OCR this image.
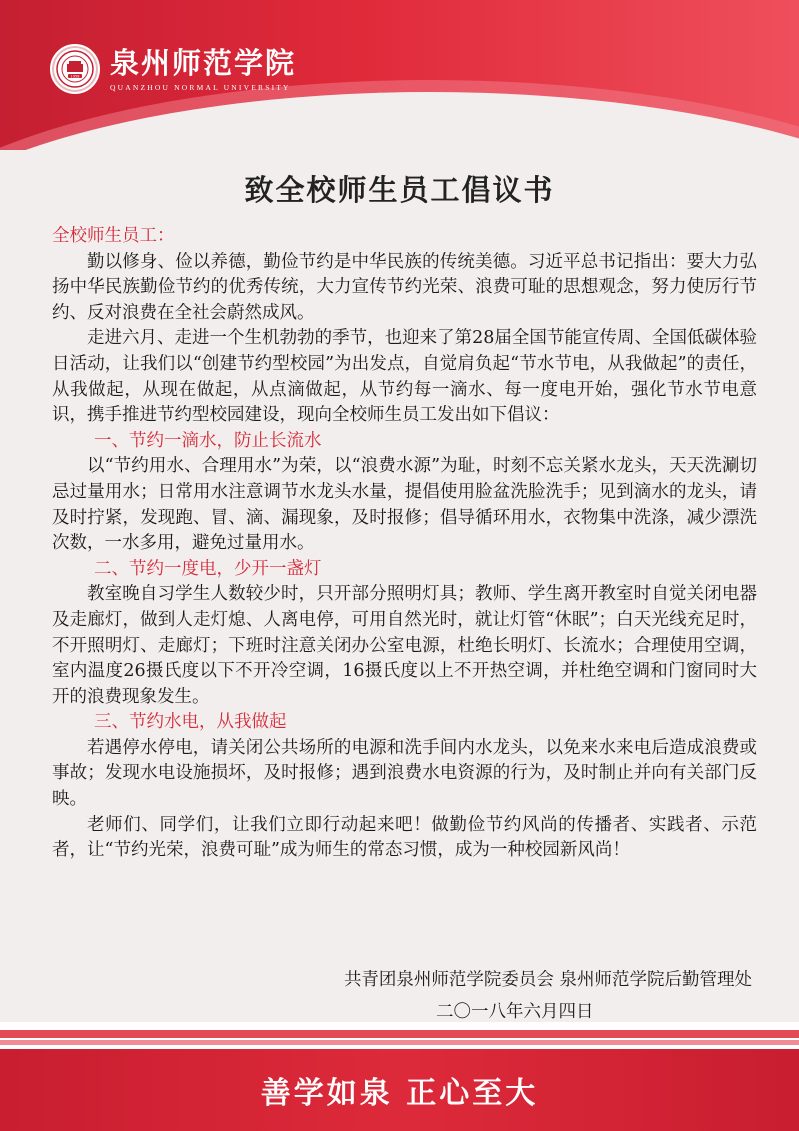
1958 泉州师范学院
QUANZHOU NORMAL UNIVERSITY
致全校师生员工倡议书

全校师生员工：

勤以修身、俭以养德，勤俭节约是中华民族的传统美德。习近平总书记指出：要大力弘扬中华民族勤俭节约的优秀传统，大力宣传节约光荣、浪费可耻的思想观念，努力使厉行节约、反对浪费在全社会蔚然成风。

走进六月、走进一个生机勃勃的季节，也迎来了第28届全国节能宣传周、全国低碳体验日活动，让我们以“创建节约型校园”为出发点，自觉肩负起“节水节电，从我做起”的责任，从我做起，从现在做起，从点滴做起，从节约每一滴水、每一度电开始，强化节水节电意识，携手推进节约型校园建设，现向全校师生员工发出如下倡议：

一、节约一滴水，防止长流水

以“节约用水、合理用水”为荣，以“浪费水源”为耻，时刻不忘关紧水龙头，天天洗涮切忌过量用水；日常用水注意调节水龙头水量，提倡使用脸盆洗脸洗手；见到滴水的龙头，请及时拧紧，发现跑、冒、滴、漏现象，及时报修；倡导循环用水，衣物集中洗涤，减少漂洗次数，一水多用，避免过量用水。

二、节约一度电，少开一盏灯

教室晚自习学生人数较少时，只开部分照明灯具；教师、学生离开教室时自觉关闭电器及走廊灯，做到人走灯熄、人离电停，可用自然光时，就让灯管“休眠”；白天光线充足时，不开照明灯、走廊灯；下班时注意关闭办公室电源，杜绝长明灯、长流水；合理使用空调，室内温度26摄氏度以下不开冷空调，16摄氏度以上不开热空调，并杜绝空调和门窗同时大开的浪费现象发生。

三、节约水电，从我做起

若遇停水停电，请关闭公共场所的电源和洗手间内水龙头，以免来水来电后造成浪费或事故；发现水电设施损坏，及时报修；遇到浪费水电资源的行为，及时制止并向有关部门反映。

老师们、同学们，让我们立即行动起来吧！做勤俭节约风尚的传播者、实践者、示范者，让“节约光荣，浪费可耻”成为师生的常态习惯，成为一种校园新风尚！

共青团泉州师范学院委员会 泉州师范学院后勤管理处
二〇一八年六月四日
善学如泉 正心至大
